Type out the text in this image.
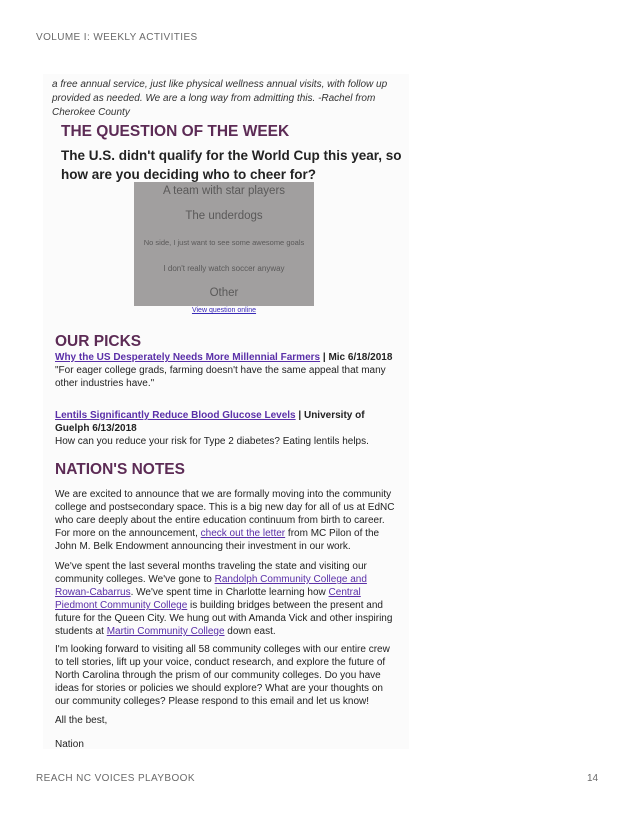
VOLUME I: WEEKLY ACTIVITIES
a free annual service, just like physical wellness annual visits, with follow up provided as needed. We are a long way from admitting this. -Rachel from Cherokee County
THE QUESTION OF THE WEEK
The U.S. didn't qualify for the World Cup this year, so how are you deciding who to cheer for?
A team with star players
The underdogs
No side, I just want to see some awesome goals
I don't really watch soccer anyway
Other
View question online
OUR PICKS
Why the US Desperately Needs More Millennial Farmers | Mic 6/18/2018
"For eager college grads, farming doesn't have the same appeal that many other industries have."
Lentils Significantly Reduce Blood Glucose Levels | University of Guelph 6/13/2018
How can you reduce your risk for Type 2 diabetes? Eating lentils helps.
NATION'S NOTES
We are excited to announce that we are formally moving into the community college and postsecondary space. This is a big new day for all of us at EdNC who care deeply about the entire education continuum from birth to career. For more on the announcement, check out the letter from MC Pilon of the John M. Belk Endowment announcing their investment in our work.
We've spent the last several months traveling the state and visiting our community colleges. We've gone to Randolph Community College and Rowan-Cabarrus. We've spent time in Charlotte learning how Central Piedmont Community College is building bridges between the present and future for the Queen City. We hung out with Amanda Vick and other inspiring students at Martin Community College down east.
I'm looking forward to visiting all 58 community colleges with our entire crew to tell stories, lift up your voice, conduct research, and explore the future of North Carolina through the prism of our community colleges. Do you have ideas for stories or policies we should explore? What are your thoughts on our community colleges? Please respond to this email and let us know!
All the best,
Nation
REACH NC VOICES PLAYBOOK	14
